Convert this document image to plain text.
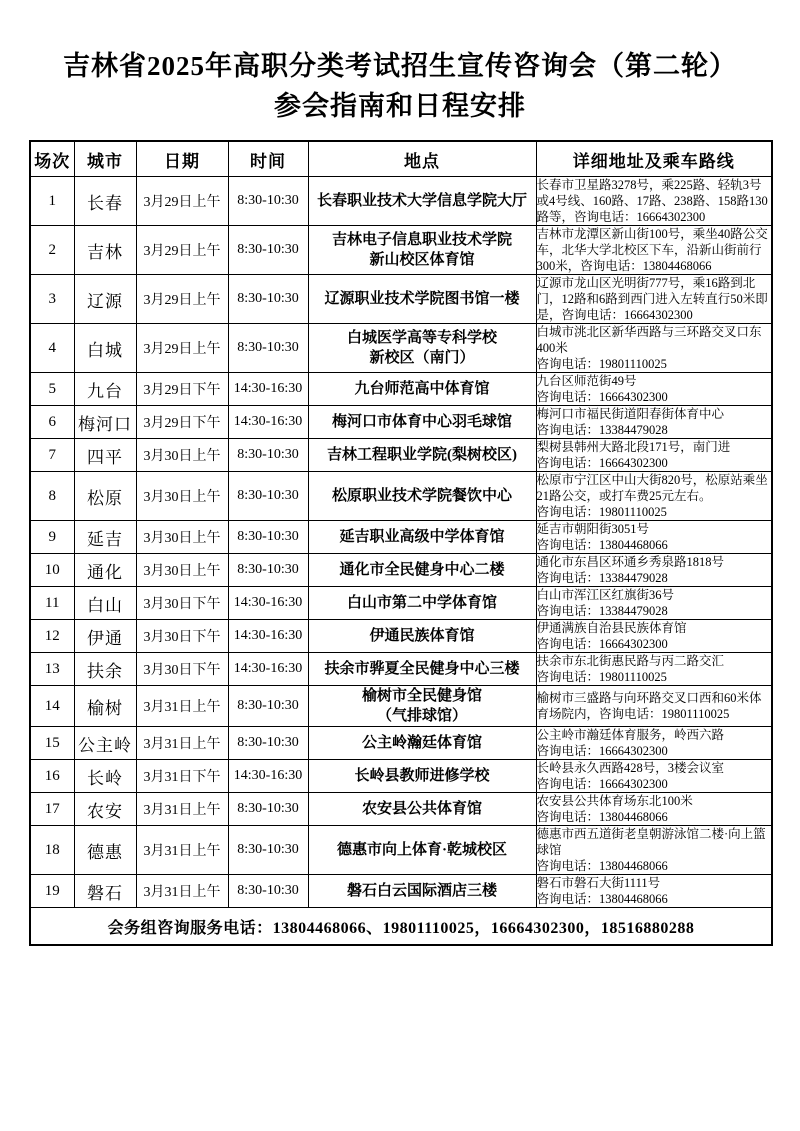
吉林省2025年高职分类考试招生宣传咨询会（第二轮）
参会指南和日程安排
场次	城市	日期	时间	地点	详细地址及乘车路线
1	长春	3月29日上午	8:30-10:30	长春职业技术大学信息学院大厅	长春市卫星路3278号，乘225路、轻轨3号或4号线、160路、17路、238路、158路130路等，咨询电话：16664302300
2	吉林	3月29日上午	8:30-10:30	吉林电子信息职业技术学院
新山校区体育馆	吉林市龙潭区新山街100号，乘坐40路公交车，北华大学北校区下车，沿新山街前行300米，咨询电话：13804468066
3	辽源	3月29日上午	8:30-10:30	辽源职业技术学院图书馆一楼	辽源市龙山区光明街777号，乘16路到北门，12路和6路到西门进入左转直行50米即是，咨询电话：16664302300
4	白城	3月29日上午	8:30-10:30	白城医学高等专科学校
新校区（南门）	白城市洮北区新华西路与三环路交叉口东400米
咨询电话：19801110025
5	九台	3月29日下午	14:30-16:30	九台师范高中体育馆	九台区师范街49号
咨询电话：16664302300
6	梅河口	3月29日下午	14:30-16:30	梅河口市体育中心羽毛球馆	梅河口市福民街道阳春街体育中心
咨询电话：13384479028
7	四平	3月30日上午	8:30-10:30	吉林工程职业学院(梨树校区)	梨树县韩州大路北段171号，南门进
咨询电话：16664302300
8	松原	3月30日上午	8:30-10:30	松原职业技术学院餐饮中心	松原市宁江区中山大街820号，松原站乘坐21路公交，或打车费25元左右。
咨询电话：19801110025
9	延吉	3月30日上午	8:30-10:30	延吉职业高级中学体育馆	延吉市朝阳街3051号
咨询电话：13804468066
10	通化	3月30日上午	8:30-10:30	通化市全民健身中心二楼	通化市东昌区环通乡秀泉路1818号
咨询电话：13384479028
11	白山	3月30日下午	14:30-16:30	白山市第二中学体育馆	白山市浑江区红旗街36号
咨询电话：13384479028
12	伊通	3月30日下午	14:30-16:30	伊通民族体育馆	伊通满族自治县民族体育馆
咨询电话：16664302300
13	扶余	3月30日下午	14:30-16:30	扶余市骅夏全民健身中心三楼	扶余市东北街惠民路与丙二路交汇
咨询电话：19801110025
14	榆树	3月31日上午	8:30-10:30	榆树市全民健身馆
（气排球馆）	榆树市三盛路与向环路交叉口西和60米体育场院内，咨询电话：19801110025
15	公主岭	3月31日上午	8:30-10:30	公主岭瀚廷体育馆	公主岭市瀚廷体育服务，岭西六路
咨询电话：16664302300
16	长岭	3月31日下午	14:30-16:30	长岭县教师进修学校	长岭县永久西路428号，3楼会议室
咨询电话：16664302300
17	农安	3月31日上午	8:30-10:30	农安县公共体育馆	农安县公共体育场东北100米
咨询电话：13804468066
18	德惠	3月31日上午	8:30-10:30	德惠市向上体育·乾城校区	德惠市西五道街老皇朝游泳馆二楼·向上篮球馆
咨询电话：13804468066
19	磐石	3月31日上午	8:30-10:30	磐石白云国际酒店三楼	磐石市磐石大街1111号
咨询电话：13804468066
会务组咨询服务电话：13804468066、19801110025，16664302300，18516880288					
